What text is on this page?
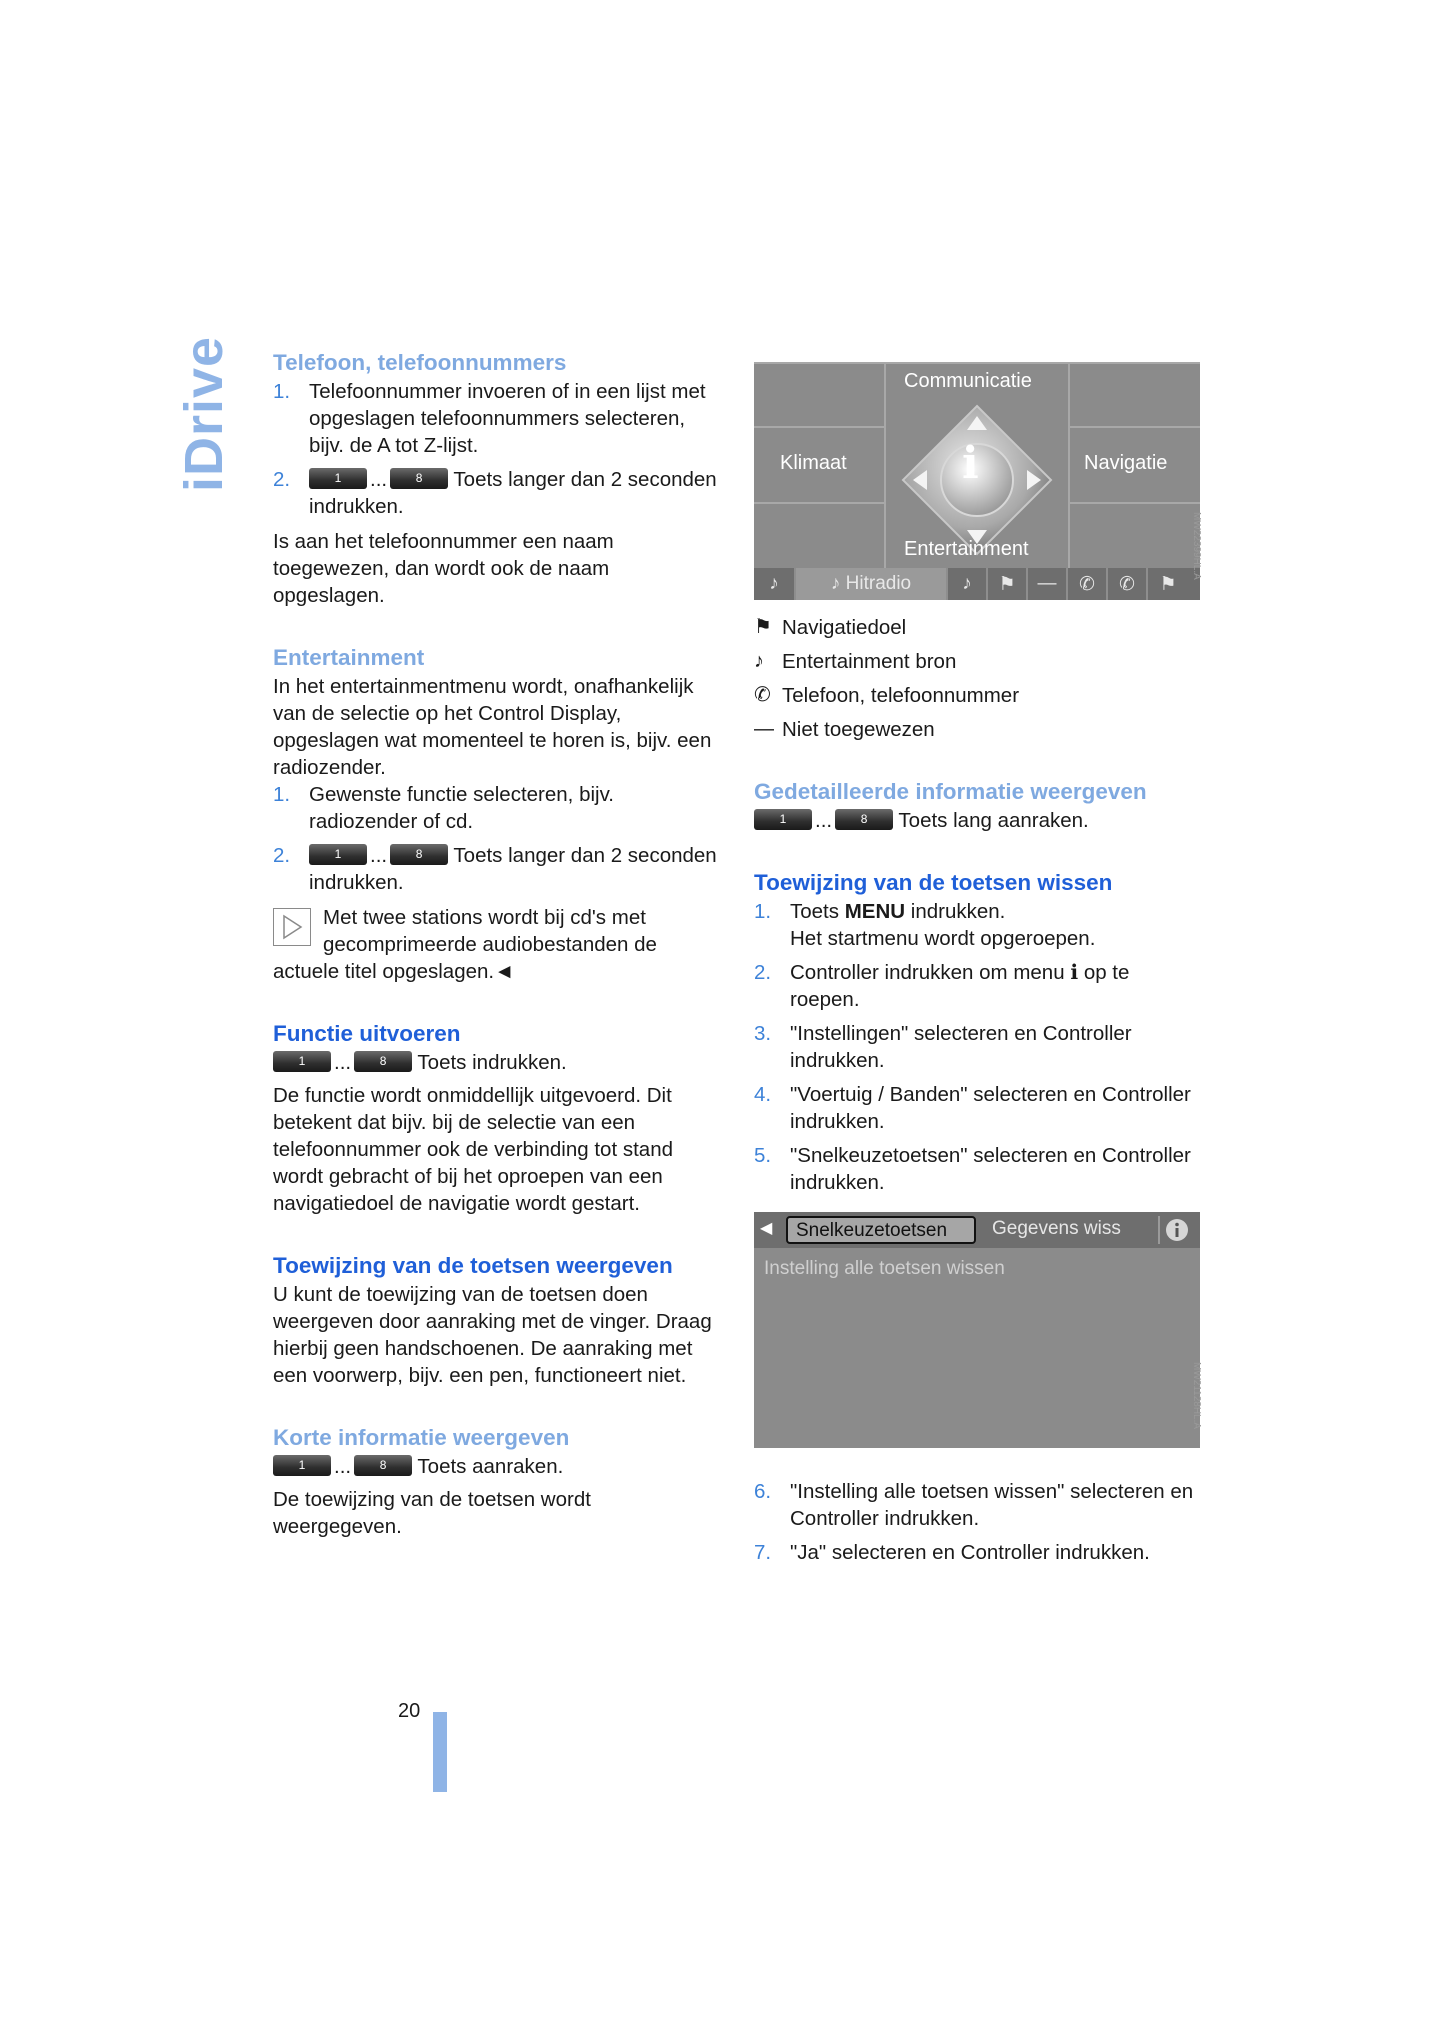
iDrive Telefoon, telefoonnummers
1. Telefoonnummer invoeren of in een lijst met opgeslagen telefoonnummers selecteren, bijv. de A tot Z-lijst.
2.	1 ... 8 Toets langer dan 2 seconden indrukken.

Is aan het telefoonnummer een naam toegewezen, dan wordt ook de naam opgeslagen.

Entertainment

In het entertainmentmenu wordt, onafhankelijk van de selectie op het Control Display, opgeslagen wat momenteel te horen is, bijv. een radiozender.

1. Gewenste functie selecteren, bijv. radiozender of cd.
2.	1 ... 8 Toets langer dan 2 seconden indrukken.

Met twee stations wordt bij cd's met gecomprimeerde audiobestanden de actuele titel opgeslagen.◄

Functie uitvoeren

1 ... 8 Toets indrukken.

De functie wordt onmiddellijk uitgevoerd. Dit betekent dat bijv. bij de selectie van een telefoonnummer ook de verbinding tot stand wordt gebracht of bij het oproepen van een navigatiedoel de navigatie wordt gestart.

Toewijzing van de toetsen weergeven

U kunt de toewijzing van de toetsen doen weergeven door aanraking met de vinger. Draag hierbij geen handschoenen. De aanraking met een voorwerp, bijv. een pen, functioneert niet.

Korte informatie weergeven

1 ... 8 Toets aanraken.

De toewijzing van de toetsen wordt weergegeven.

i
Communicatie
Klimaat	Navigatie
Entertainment
♪	♪ Hitradio	♪	⚑	—	✆	✆	⚑
MW22399HL.A
⚑ Navigatiedoel
♪ Entertainment bron
✆ Telefoon, telefoonnummer
— Niet toegewezen
Gedetailleerde informatie weergeven

1 ... 8 Toets lang aanraken.

Toewijzing van de toetsen wissen
1. Toets MENU indrukken.
Het startmenu wordt opgeroepen.
2. Controller indrukken om menu i op te roepen.
3. "Instellingen" selecteren en Controller indrukken.
4. "Voertuig / Banden" selecteren en Controller indrukken.
5. "Snelkeuzetoetsen" selecteren en Controller indrukken.
6. "Instelling alle toetsen wissen" selecteren en Controller indrukken.
7. "Ja" selecteren en Controller indrukken.
◀ Snelkeuzetoetsen Gegevens wiss
Instelling alle toetsen wissen
MW21128HL.A
20
